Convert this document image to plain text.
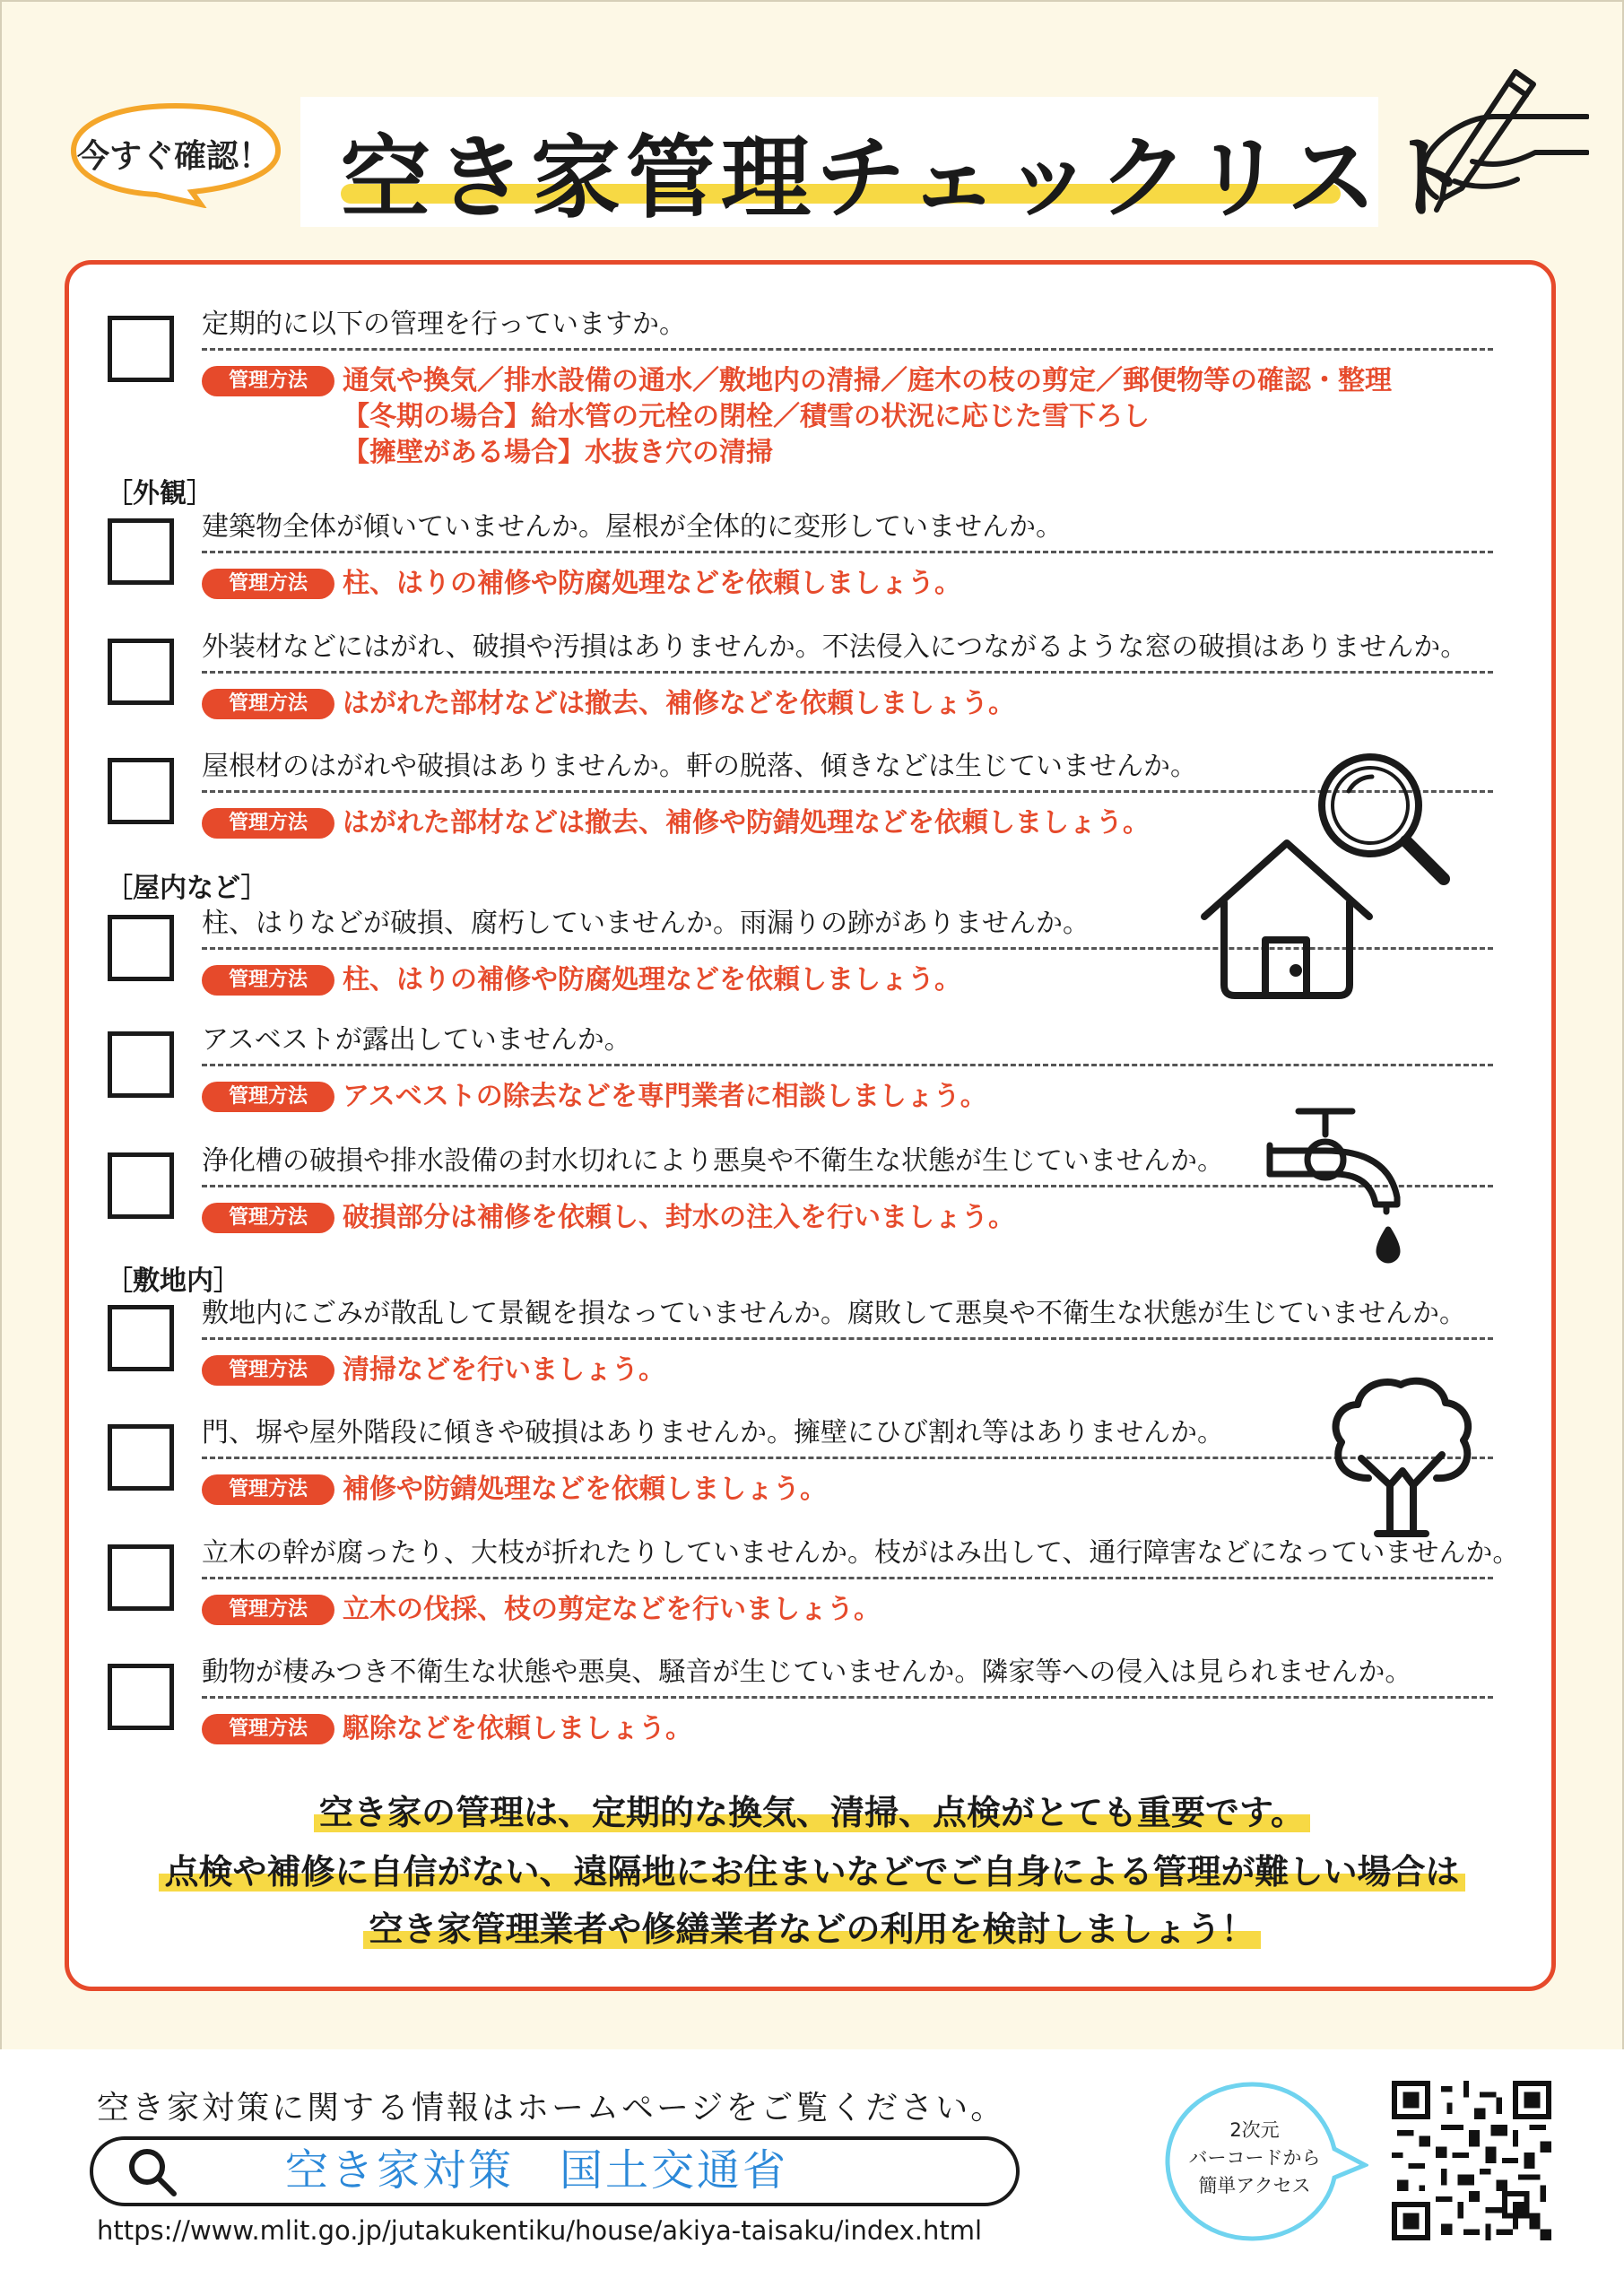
今すぐ確認！ 空き家管理チェックリスト
定期的に以下の管理を行っていますか。
管理方法	通気や換気／排水設備の通水／敷地内の清掃／庭木の枝の剪定／郵便物等の確認・整理
【冬期の場合】給水管の元栓の閉栓／積雪の状況に応じた雪下ろし
【擁壁がある場合】水抜き穴の清掃
［外観］
建築物全体が傾いていませんか。屋根が全体的に変形していませんか。
管理方法	柱、はりの補修や防腐処理などを依頼しましょう。
外装材などにはがれ、破損や汚損はありませんか。不法侵入につながるような窓の破損はありませんか。
管理方法	はがれた部材などは撤去、補修などを依頼しましょう。
屋根材のはがれや破損はありませんか。軒の脱落、傾きなどは生じていませんか。
管理方法	はがれた部材などは撤去、補修や防錆処理などを依頼しましょう。
［屋内など］
柱、はりなどが破損、腐朽していませんか。雨漏りの跡がありませんか。
管理方法	柱、はりの補修や防腐処理などを依頼しましょう。
アスベストが露出していませんか。
管理方法	アスベストの除去などを専門業者に相談しましょう。
浄化槽の破損や排水設備の封水切れにより悪臭や不衛生な状態が生じていませんか。
管理方法	破損部分は補修を依頼し、封水の注入を行いましょう。
［敷地内］
敷地内にごみが散乱して景観を損なっていませんか。腐敗して悪臭や不衛生な状態が生じていませんか。
管理方法	清掃などを行いましょう。
門、塀や屋外階段に傾きや破損はありませんか。擁壁にひび割れ等はありませんか。
管理方法	補修や防錆処理などを依頼しましょう。
立木の幹が腐ったり、大枝が折れたりしていませんか。枝がはみ出して、通行障害などになっていませんか。
管理方法	立木の伐採、枝の剪定などを行いましょう。
動物が棲みつき不衛生な状態や悪臭、騒音が生じていませんか。隣家等への侵入は見られませんか。
管理方法	駆除などを依頼しましょう。
空き家の管理は、定期的な換気、清掃、点検がとても重要です。
点検や補修に自信がない、遠隔地にお住まいなどでご自身による管理が難しい場合は
空き家管理業者や修繕業者などの利用を検討しましょう！
空き家対策に関する情報はホームページをご覧ください。
空き家対策　国土交通省
https://www.mlit.go.jp/jutakukentiku/house/akiya-taisaku/index.html
2次元
バーコードから
簡単アクセス
